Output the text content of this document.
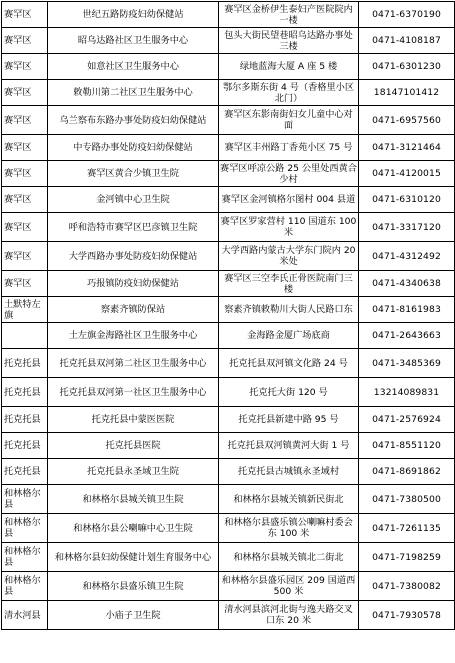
赛罕区	世纪五路防疫妇幼保健站	赛罕区金桥伊生泰妇产医院院内一楼	0471-6370190
赛罕区	昭乌达路社区卫生服务中心	包头大街民望巷昭乌达路办事处三楼	0471-4108187
赛罕区	如意社区卫生服务中心	绿地蓝海大厦 A 座 5 楼	0471-6301230
赛罕区	敕勒川第二社区卫生服务中心	鄂尔多斯东街 4 号（香格里小区北门）	18147101412
赛罕区	乌兰察布东路办事处防疫妇幼保健站	赛罕区东影南街妇女儿童中心对面	0471-6957560
赛罕区	中专路办事处防疫妇幼保健站	赛罕区丰州路丁香苑小区 75 号	0471-3121464
赛罕区	赛罕区黄合少镇卫生院	赛罕区呼凉公路 25 公里处西黄合少村	0471-4120015
赛罕区	金河镇中心卫生院	赛罕区金河镇格尔图村 004 县道	0471-6310120
赛罕区	呼和浩特市赛罕区巴彦镇卫生院	赛罕区罗家营村 110 国道东 100 米	0471-3317120
赛罕区	大学西路办事处防疫妇幼保健站	大学西路内蒙古大学东门院内 20 米处	0471-4312492
赛罕区	巧报镇防疫妇幼保健站	赛罕区三空李氏正骨医院南门三楼	0471-4340638
土默特左旗	察素齐镇防保站	察素齐镇敕勒川大街人民路口东	0471-8161983
	土左旗金海路社区卫生服务中心	金海路金厦广场底商	0471-2643663
托克托县	托克托县双河第二社区卫生服务中心	托克托县双河镇文化路 24 号	0471-3485369
托克托县	托克托县双河第一社区卫生服务中心	托克托大街 120 号	13214089831
托克托县	托克托县中蒙医医院	托克托县新建中路 95 号	0471-2576924
托克托县	托克托县医院	托克托县双河镇黄河大街 1 号	0471-8551120
托克托县	托克托县永圣域卫生院	托克托县古城镇永圣域村	0471-8691862
和林格尔县	和林格尔县城关镇卫生院	和林格尔县城关镇新民街北	0471-7380500
和林格尔县	和林格尔县公喇嘛中心卫生院	和林格尔县盛乐镇公喇嘛村委会东 100 米	0471-7261135
和林格尔县	和林格尔县妇幼保健计划生育服务中心	和林格尔县城关镇北二街北	0471-7198259
和林格尔县	和林格尔县盛乐镇卫生院	和林格尔县盛乐园区 209 国道西 500 米	0471-7380082
清水河县	小庙子卫生院	清水河县滨河北街与逸夫路交叉口东 20 米	0471-7930578
